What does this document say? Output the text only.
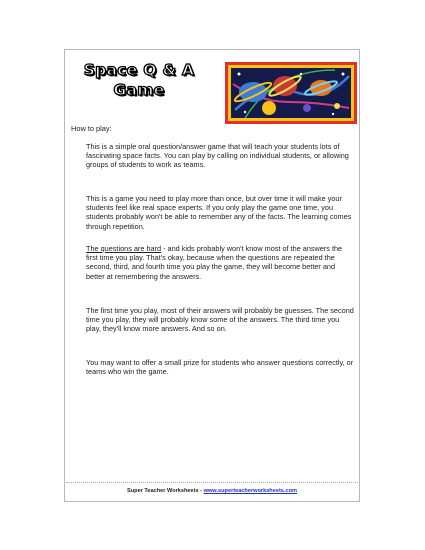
Space Q & A
Game
How to play:

This is a simple oral question/answer game that will teach your students lots of fascinating space facts. You can play by calling on individual students, or allowing groups of students to work as teams.

This is a game you need to play more than once, but over time it will make your students feel like real space experts. If you only play the game one time, you students probably won't be able to remember any of the facts. The learning comes through repetition.

The questions are hard - and kids probably won't know most of the answers the first time you play. That's okay, because when the questions are repeated the second, third, and fourth time you play the game, they will become better and better at remembering the answers.

The first time you play, most of their answers will probably be guesses. The second time you play, they will probably know some of the answers. The third time you play, they'll know more answers. And so on.

You may want to offer a small prize for students who answer questions correctly, or teams who win the game.

Super Teacher Worksheets - www.superteacherworksheets.com
